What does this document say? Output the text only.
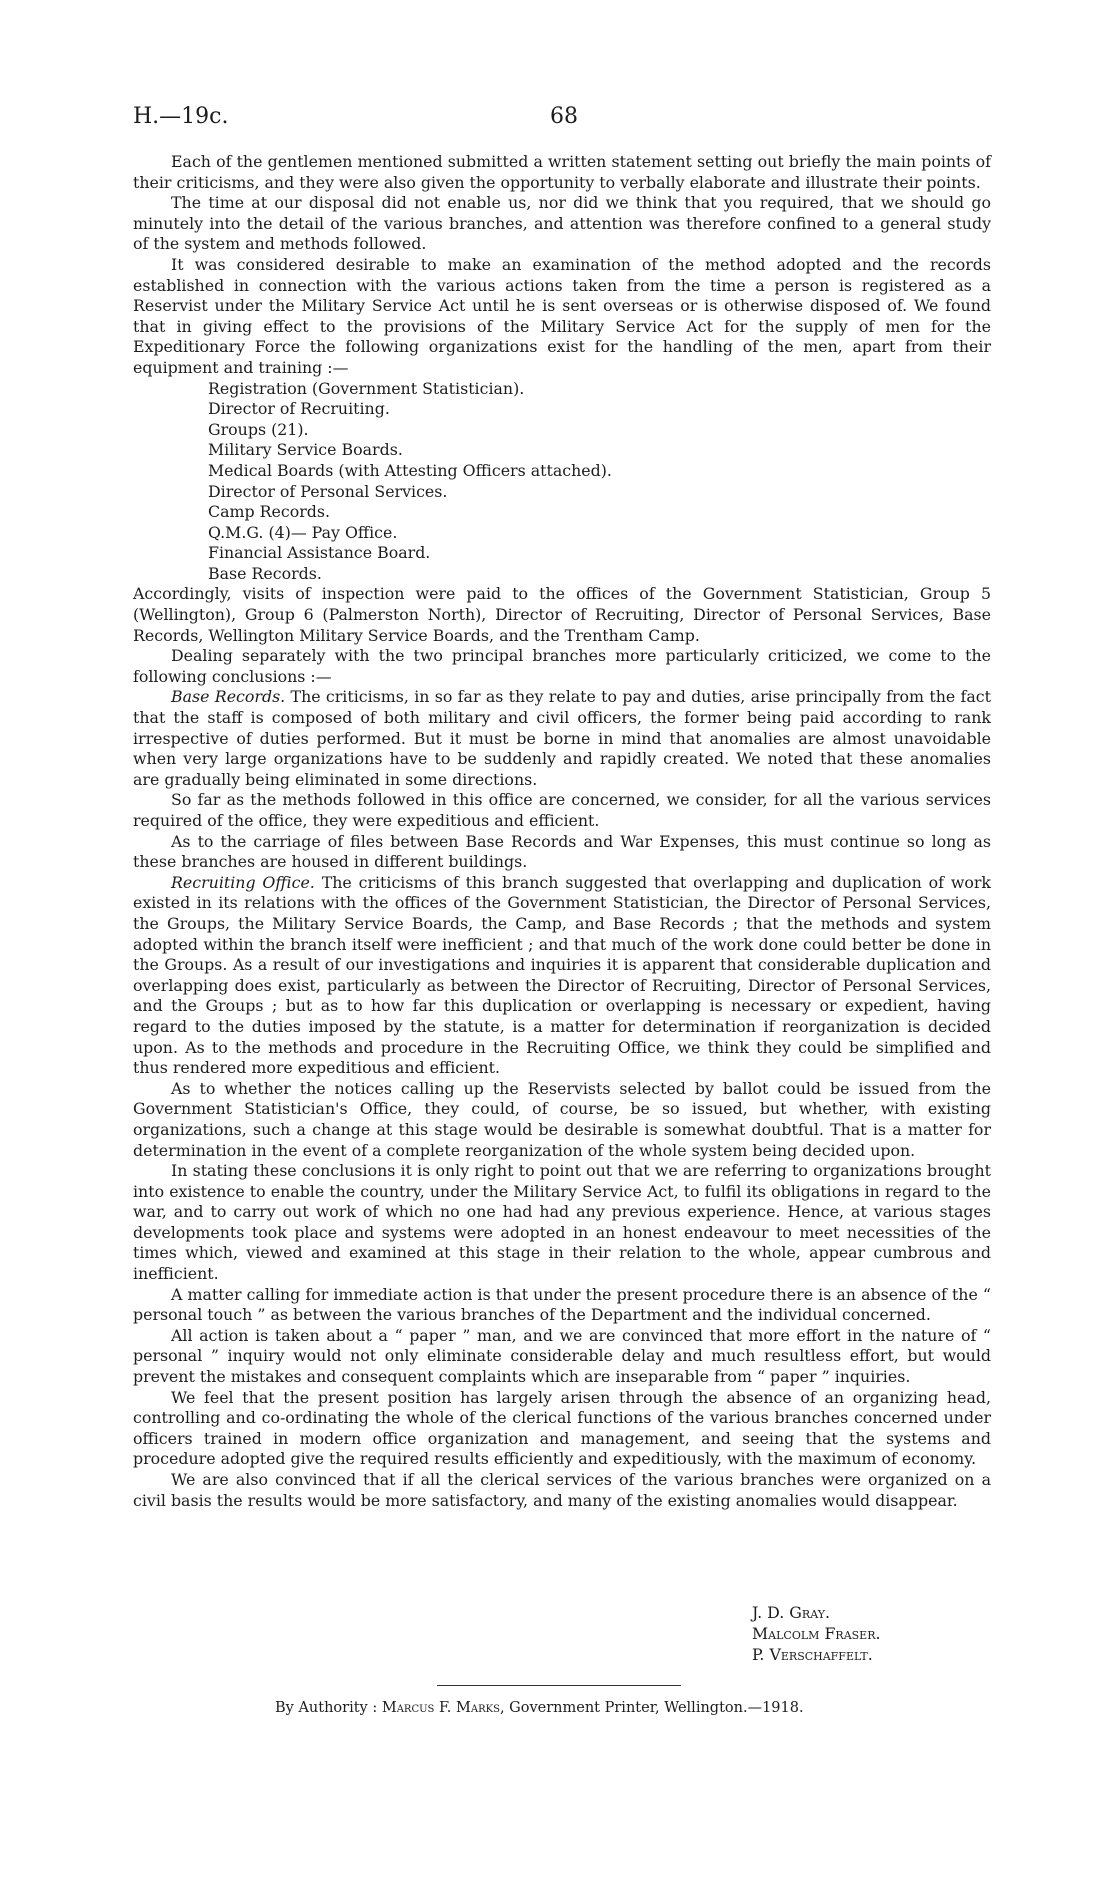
H.—19c.	68

Each of the gentlemen mentioned submitted a written statement setting out briefly the main points of their criticisms, and they were also given the opportunity to verbally elaborate and illustrate their points.

The time at our disposal did not enable us, nor did we think that you required, that we should go minutely into the detail of the various branches, and attention was therefore confined to a general study of the system and methods followed.

It was considered desirable to make an examination of the method adopted and the records established in connection with the various actions taken from the time a person is registered as a Reservist under the Military Service Act until he is sent overseas or is otherwise disposed of. We found that in giving effect to the provisions of the Military Service Act for the supply of men for the Expeditionary Force the following organizations exist for the handling of the men, apart from their equipment and training :—

Registration (Government Statistician).
Director of Recruiting.
Groups (21).
Military Service Boards.
Medical Boards (with Attesting Officers attached).
Director of Personal Services.
Camp Records.
Q.M.G. (4)— Pay Office.
Financial Assistance Board.
Base Records.

Accordingly, visits of inspection were paid to the offices of the Government Statistician, Group 5 (Wellington), Group 6 (Palmerston North), Director of Recruiting, Director of Personal Services, Base Records, Wellington Military Service Boards, and the Trentham Camp.

Dealing separately with the two principal branches more particularly criticized, we come to the following conclusions :—

Base Records. The criticisms, in so far as they relate to pay and duties, arise principally from the fact that the staff is composed of both military and civil officers, the former being paid according to rank irrespective of duties performed. But it must be borne in mind that anomalies are almost unavoidable when very large organizations have to be suddenly and rapidly created. We noted that these anomalies are gradually being eliminated in some directions.

So far as the methods followed in this office are concerned, we consider, for all the various services required of the office, they were expeditious and efficient.

As to the carriage of files between Base Records and War Expenses, this must continue so long as these branches are housed in different buildings.

Recruiting Office. The criticisms of this branch suggested that overlapping and duplication of work existed in its relations with the offices of the Government Statistician, the Director of Personal Services, the Groups, the Military Service Boards, the Camp, and Base Records ; that the methods and system adopted within the branch itself were inefficient ; and that much of the work done could better be done in the Groups. As a result of our investigations and inquiries it is apparent that considerable duplication and overlapping does exist, particularly as between the Director of Recruiting, Director of Personal Services, and the Groups ; but as to how far this duplication or overlapping is necessary or expedient, having regard to the duties imposed by the statute, is a matter for determination if reorganization is decided upon. As to the methods and procedure in the Recruiting Office, we think they could be simplified and thus rendered more expeditious and efficient.

As to whether the notices calling up the Reservists selected by ballot could be issued from the Government Statistician's Office, they could, of course, be so issued, but whether, with existing organizations, such a change at this stage would be desirable is somewhat doubtful. That is a matter for determination in the event of a complete reorganization of the whole system being decided upon.

In stating these conclusions it is only right to point out that we are referring to organizations brought into existence to enable the country, under the Military Service Act, to fulfil its obligations in regard to the war, and to carry out work of which no one had had any previous experience. Hence, at various stages developments took place and systems were adopted in an honest endeavour to meet necessities of the times which, viewed and examined at this stage in their relation to the whole, appear cumbrous and inefficient.

A matter calling for immediate action is that under the present procedure there is an absence of the “ personal touch ” as between the various branches of the Department and the individual concerned.

All action is taken about a “ paper ” man, and we are convinced that more effort in the nature of “ personal ” inquiry would not only eliminate considerable delay and much resultless effort, but would prevent the mistakes and consequent complaints which are inseparable from “ paper ” inquiries.

We feel that the present position has largely arisen through the absence of an organizing head, controlling and co-ordinating the whole of the clerical functions of the various branches concerned under officers trained in modern office organization and management, and seeing that the systems and procedure adopted give the required results efficiently and expeditiously, with the maximum of economy.

We are also convinced that if all the clerical services of the various branches were organized on a civil basis the results would be more satisfactory, and many of the existing anomalies would disappear.

J. D. Gray.
Malcolm Fraser.
P. Verschaffelt.
By Authority : Marcus F. Marks, Government Printer, Wellington.—1918.
